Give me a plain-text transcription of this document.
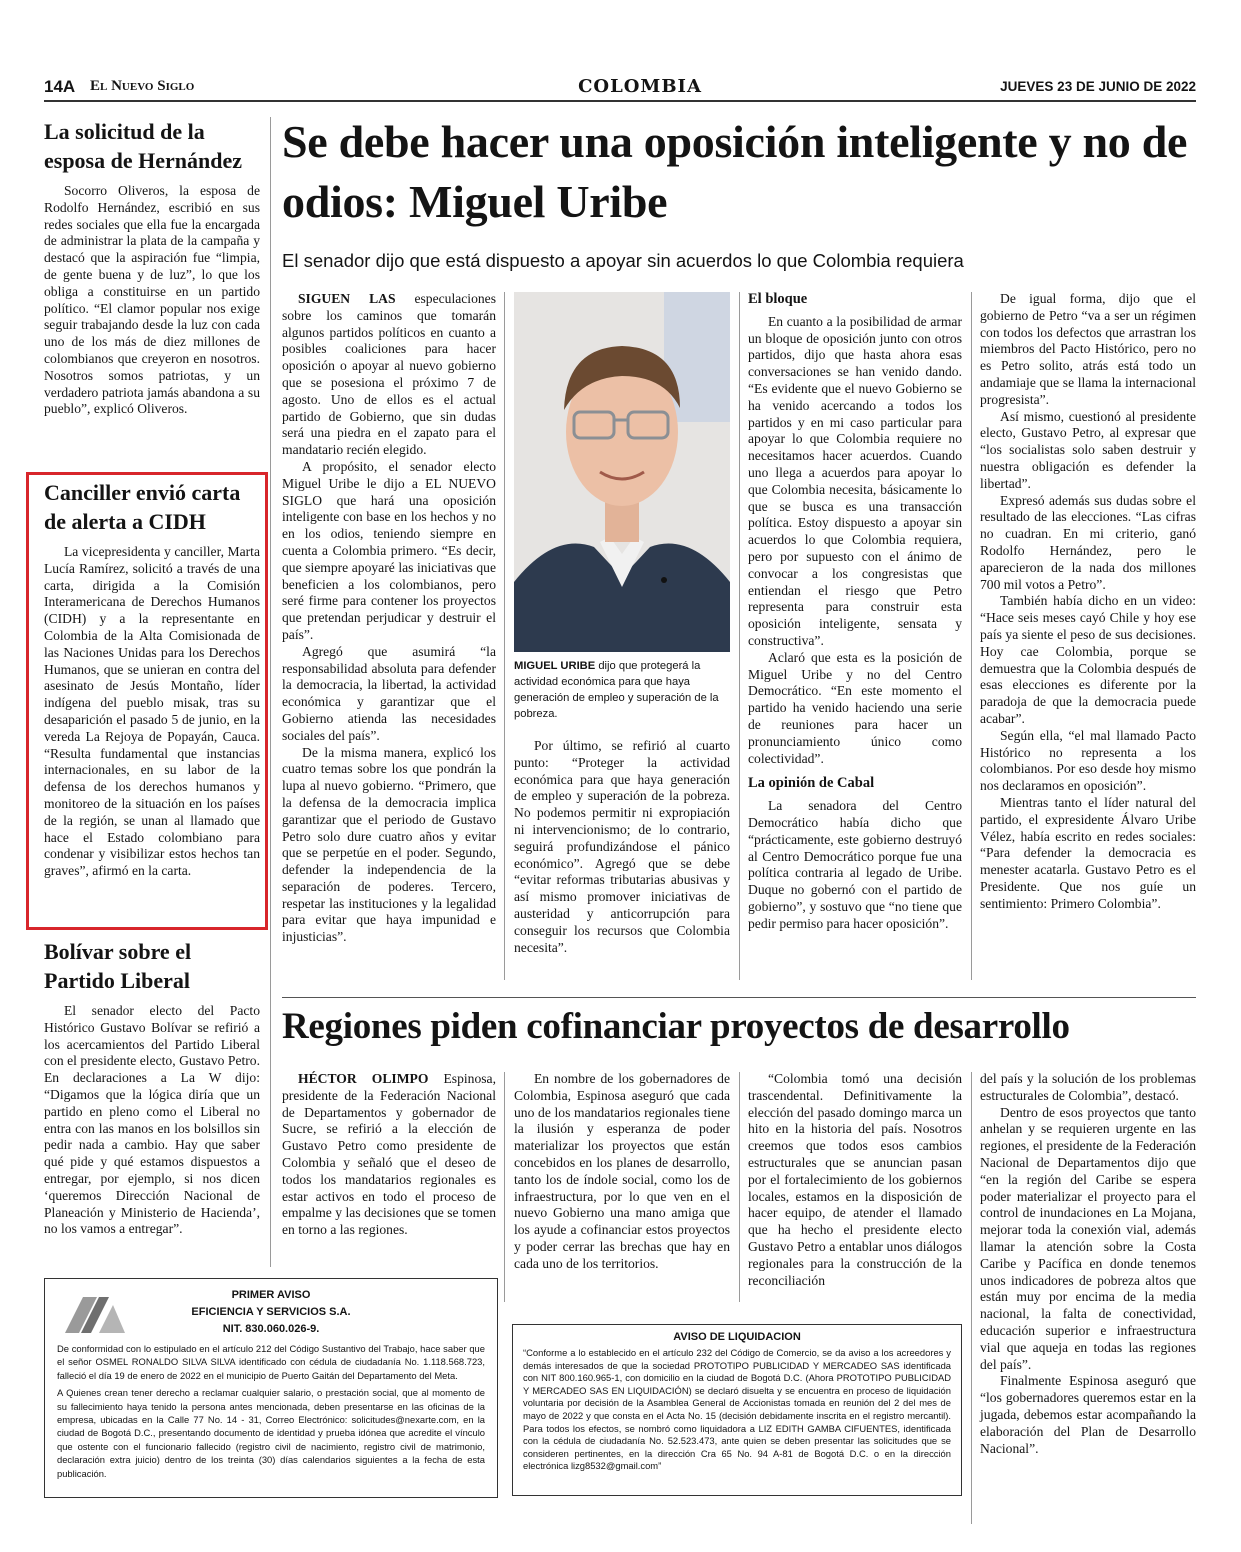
14A El Nuevo Siglo	COLOMBIA	JUEVES 23 DE JUNIO DE 2022
La solicitud de la esposa de Hernández

Socorro Oliveros, la esposa de Rodolfo Hernández, escribió en sus redes sociales que ella fue la encargada de administrar la plata de la campaña y destacó que la aspiración fue “limpia, de gente buena y de luz”, lo que los obliga a constituirse en un partido político. “El clamor popular nos exige seguir trabajando desde la luz con cada uno de los más de diez millones de colombianos que creyeron en nosotros. Nosotros somos patriotas, y un verdadero patriota jamás abandona a su pueblo”, explicó Oliveros.

Canciller envió carta de alerta a CIDH

La vicepresidenta y canciller, Marta Lucía Ramírez, solicitó a través de una carta, dirigida a la Comisión Interamericana de Derechos Humanos (CIDH) y a la representante en Colombia de la Alta Comisionada de las Naciones Unidas para los Derechos Humanos, que se unieran en contra del asesinato de Jesús Montaño, líder indígena del pueblo misak, tras su desaparición el pasado 5 de junio, en la vereda La Rejoya de Popayán, Cauca. “Resulta fundamental que instancias internacionales, en su labor de la defensa de los derechos humanos y monitoreo de la situación en los países de la región, se unan al llamado que hace el Estado colombiano para condenar y visibilizar estos hechos tan graves”, afirmó en la carta.

Bolívar sobre el Partido Liberal

El senador electo del Pacto Histórico Gustavo Bolívar se refirió a los acercamientos del Partido Liberal con el presidente electo, Gustavo Petro. En declaraciones a La W dijo: “Digamos que la lógica diría que un partido en pleno como el Liberal no entra con las manos en los bolsillos sin pedir nada a cambio. Hay que saber qué pide y qué estamos dispuestos a entregar, por ejemplo, si nos dicen ‘queremos Dirección Nacional de Planeación y Ministerio de Hacienda’, no los vamos a entregar”.

Se debe hacer una oposición inteligente y no de odios: Miguel Uribe
El senador dijo que está dispuesto a apoyar sin acuerdos lo que Colombia requiera

SIGUEN LAS especulaciones sobre los caminos que tomarán algunos partidos políticos en cuanto a posibles coaliciones para hacer oposición o apoyar al nuevo gobierno que se posesiona el próximo 7 de agosto. Uno de ellos es el actual partido de Gobierno, que sin dudas será una piedra en el zapato para el mandatario recién elegido.

A propósito, el senador electo Miguel Uribe le dijo a EL NUEVO SIGLO que hará una oposición inteligente con base en los hechos y no en los odios, teniendo siempre en cuenta a Colombia primero. “Es decir, que siempre apoyaré las iniciativas que beneficien a los colombianos, pero seré firme para contener los proyectos que pretendan perjudicar y destruir el país”.

Agregó que asumirá “la responsabilidad absoluta para defender la democracia, la libertad, la actividad económica y garantizar que el Gobierno atienda las necesidades sociales del país”.

De la misma manera, explicó los cuatro temas sobre los que pondrán la lupa al nuevo gobierno. “Primero, que la defensa de la democracia implica garantizar que el periodo de Gustavo Petro solo dure cuatro años y evitar que se perpetúe en el poder. Segundo, defender la independencia de la separación de poderes. Tercero, respetar las instituciones y la legalidad para evitar que haya impunidad e injusticias”.

MIGUEL URIBE dijo que protegerá la actividad económica para que haya generación de empleo y superación de la pobreza.

Por último, se refirió al cuarto punto: “Proteger la actividad económica para que haya generación de empleo y superación de la pobreza. No podemos permitir ni expropiación ni intervencionismo; de lo contrario, seguirá profundizándose el pánico económico”. Agregó que se debe “evitar reformas tributarias abusivas y así mismo promover iniciativas de austeridad y anticorrupción para conseguir los recursos que Colombia necesita”.

El bloque

En cuanto a la posibilidad de armar un bloque de oposición junto con otros partidos, dijo que hasta ahora esas conversaciones se han venido dando. “Es evidente que el nuevo Gobierno se ha venido acercando a todos los partidos y en mi caso particular para apoyar lo que Colombia requiere no necesitamos hacer acuerdos. Cuando uno llega a acuerdos para apoyar lo que Colombia necesita, básicamente lo que se busca es una transacción política. Estoy dispuesto a apoyar sin acuerdos lo que Colombia requiera, pero por supuesto con el ánimo de convocar a los congresistas que entiendan el riesgo que Petro representa para construir esta oposición inteligente, sensata y constructiva”.

Aclaró que esta es la posición de Miguel Uribe y no del Centro Democrático. “En este momento el partido ha venido haciendo una serie de reuniones para hacer un pronunciamiento único como colectividad”.

La opinión de Cabal

La senadora del Centro Democrático había dicho que “prácticamente, este gobierno destruyó al Centro Democrático porque fue una política contraria al legado de Uribe. Duque no gobernó con el partido de gobierno”, y sostuvo que “no tiene que pedir permiso para hacer oposición”.

De igual forma, dijo que el gobierno de Petro “va a ser un régimen con todos los defectos que arrastran los miembros del Pacto Histórico, pero no es Petro solito, atrás está todo un andamiaje que se llama la internacional progresista”.

Así mismo, cuestionó al presidente electo, Gustavo Petro, al expresar que “los socialistas solo saben destruir y nuestra obligación es defender la libertad”.

Expresó además sus dudas sobre el resultado de las elecciones. “Las cifras no cuadran. En mi criterio, ganó Rodolfo Hernández, pero le aparecieron de la nada dos millones 700 mil votos a Petro”.

También había dicho en un video: “Hace seis meses cayó Chile y hoy ese país ya siente el peso de sus decisiones. Hoy cae Colombia, porque se demuestra que la Colombia después de esas elecciones es diferente por la paradoja de que la democracia puede acabar”.

Según ella, “el mal llamado Pacto Histórico no representa a los colombianos. Por eso desde hoy mismo nos declaramos en oposición”.

Mientras tanto el líder natural del partido, el expresidente Álvaro Uribe Vélez, había escrito en redes sociales: “Para defender la democracia es menester acatarla. Gustavo Petro es el Presidente. Que nos guíe un sentimiento: Primero Colombia”.

Regiones piden cofinanciar proyectos de desarrollo

HÉCTOR OLIMPO Espinosa, presidente de la Federación Nacional de Departamentos y gobernador de Sucre, se refirió a la elección de Gustavo Petro como presidente de Colombia y señaló que el deseo de todos los mandatarios regionales es estar activos en todo el proceso de empalme y las decisiones que se tomen en torno a las regiones.

En nombre de los gobernadores de Colombia, Espinosa aseguró que cada uno de los mandatarios regionales tiene la ilusión y esperanza de poder materializar los proyectos que están concebidos en los planes de desarrollo, tanto los de índole social, como los de infraestructura, por lo que ven en el nuevo Gobierno una mano amiga que los ayude a cofinanciar estos proyectos y poder cerrar las brechas que hay en cada uno de los territorios.

“Colombia tomó una decisión trascendental. Definitivamente la elección del pasado domingo marca un hito en la historia del país. Nosotros creemos que todos esos cambios estructurales que se anuncian pasan por el fortalecimiento de los gobiernos locales, estamos en la disposición de hacer equipo, de atender el llamado que ha hecho el presidente electo Gustavo Petro a entablar unos diálogos regionales para la construcción de la reconciliación

del país y la solución de los problemas estructurales de Colombia”, destacó.

Dentro de esos proyectos que tanto anhelan y se requieren urgente en las regiones, el presidente de la Federación Nacional de Departamentos dijo que “en la región del Caribe se espera poder materializar el proyecto para el control de inundaciones en La Mojana, mejorar toda la conexión vial, además llamar la atención sobre la Costa Caribe y Pacífica en donde tenemos unos indicadores de pobreza altos que están muy por encima de la media nacional, la falta de conectividad, educación superior e infraestructura vial que aqueja en todas las regiones del país”.

Finalmente Espinosa aseguró que “los gobernadores queremos estar en la jugada, debemos estar acompañando la elaboración del Plan de Desarrollo Nacional”.

PRIMER AVISO
EFICIENCIA Y SERVICIOS S.A.
NIT. 830.060.026-9.
De conformidad con lo estipulado en el artículo 212 del Código Sustantivo del Trabajo, hace saber que el señor OSMEL RONALDO SILVA SILVA identificado con cédula de ciudadanía No. 1.118.568.723, falleció el día 19 de enero de 2022 en el municipio de Puerto Gaitán del Departamento del Meta.
A Quienes crean tener derecho a reclamar cualquier salario, o prestación social, que al momento de su fallecimiento haya tenido la persona antes mencionada, deben presentarse en las oficinas de la empresa, ubicadas en la Calle 77 No. 14 - 31, Correo Electrónico: solicitudes@nexarte.com, en la ciudad de Bogotá D.C., presentando documento de identidad y prueba idónea que acredite el vínculo que ostente con el funcionario fallecido (registro civil de nacimiento, registro civil de matrimonio, declaración extra juicio) dentro de los treinta (30) días calendarios siguientes a la fecha de esta publicación.
AVISO DE LIQUIDACION
“Conforme a lo establecido en el artículo 232 del Código de Comercio, se da aviso a los acreedores y demás interesados de que la sociedad PROTOTIPO PUBLICIDAD Y MERCADEO SAS identificada con NIT 800.160.965-1, con domicilio en la ciudad de Bogotá D.C. (Ahora PROTOTIPO PUBLICIDAD Y MERCADEO SAS EN LIQUIDACIÓN) se declaró disuelta y se encuentra en proceso de liquidación voluntaria por decisión de la Asamblea General de Accionistas tomada en reunión del 2 del mes de mayo de 2022 y que consta en el Acta No. 15 (decisión debidamente inscrita en el registro mercantil). Para todos los efectos, se nombró como liquidadora a LIZ EDITH GAMBA CIFUENTES, identificada con la cédula de ciudadanía No. 52.523.473, ante quien se deben presentar las solicitudes que se consideren pertinentes, en la dirección Cra 65 No. 94 A-81 de Bogotá D.C. o en la dirección electrónica lizg8532@gmail.com”
